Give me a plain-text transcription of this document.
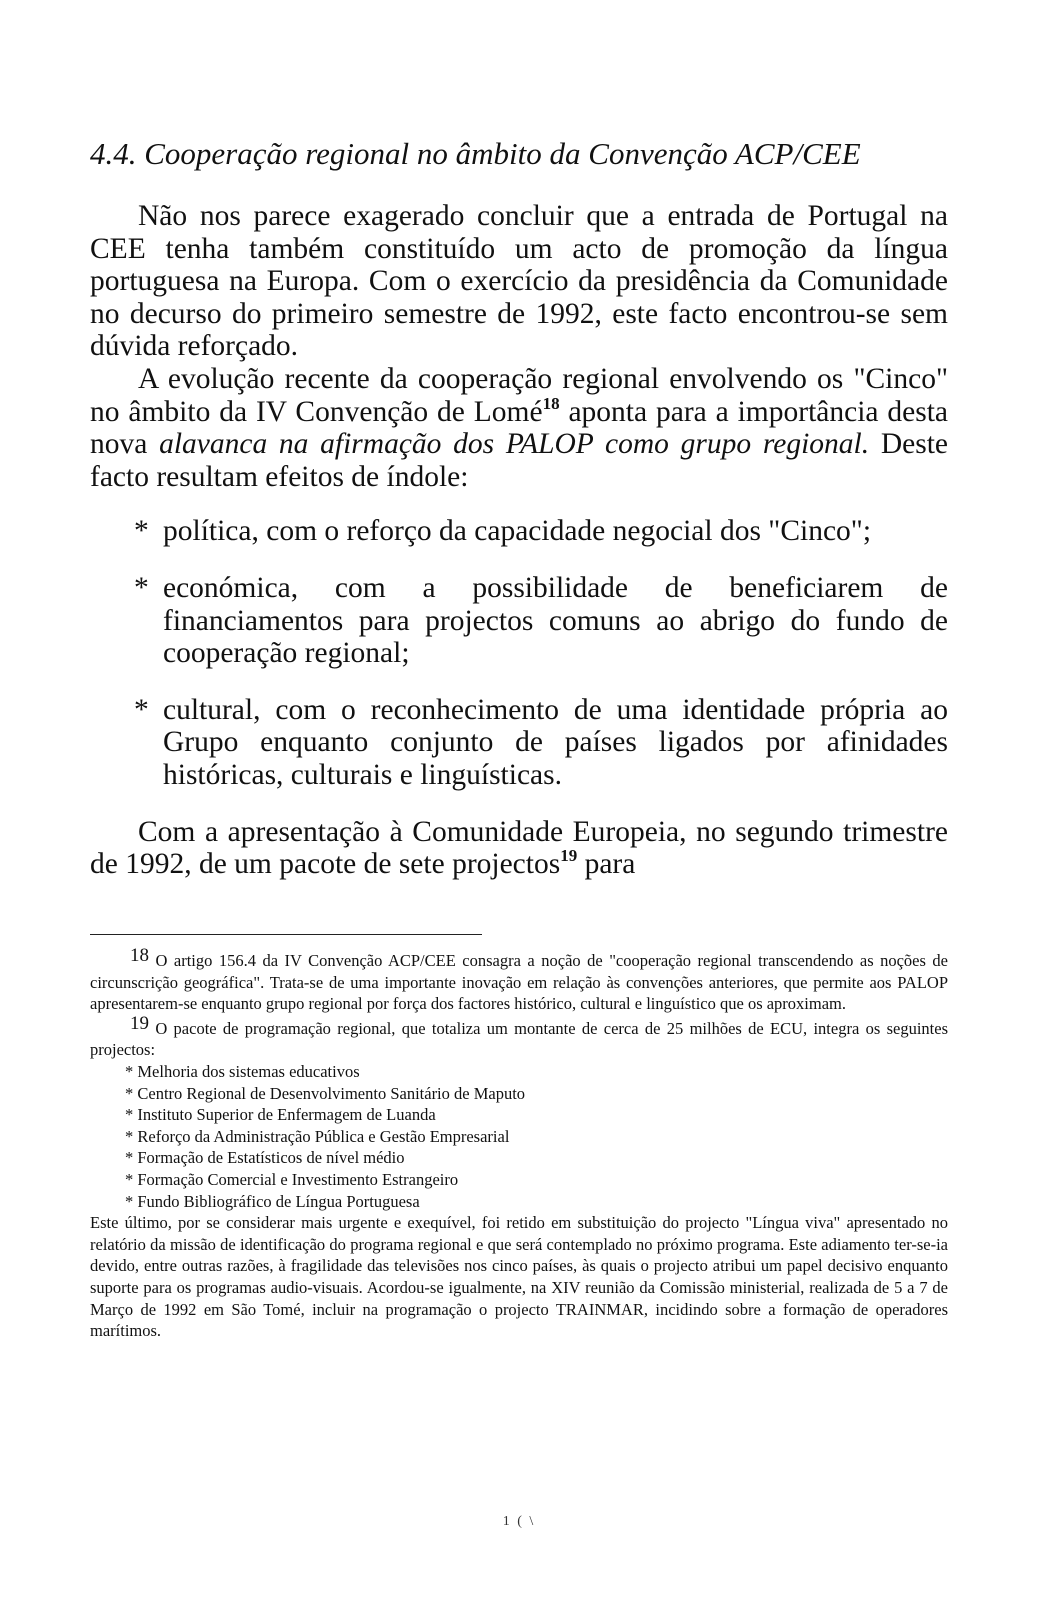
4.4. Cooperação regional no âmbito da Convenção ACP/CEE

Não nos parece exagerado concluir que a entrada de Portugal na CEE tenha também constituído um acto de promoção da língua portuguesa na Europa. Com o exercício da presidência da Comunidade no decurso do primeiro semestre de 1992, este facto encontrou-se sem dúvida reforçado.

A evolução recente da cooperação regional envolvendo os "Cinco" no âmbito da IV Convenção de Lomé$^{18}$ aponta para a importância desta nova alavanca na afirmação dos PALOP como grupo regional. Deste facto resultam efeitos de índole:

* política, com o reforço da capacidade negocial dos "Cinco";
* económica, com a possibilidade de beneficiarem de financiamentos para projectos comuns ao abrigo do fundo de cooperação regional;
* cultural, com o reconhecimento de uma identidade própria ao Grupo enquanto conjunto de países ligados por afinidades históricas, culturais e linguísticas.

Com a apresentação à Comunidade Europeia, no segundo trimestre de 1992, de um pacote de sete projectos$^{19}$ para

18 O artigo 156.4 da IV Convenção ACP/CEE consagra a noção de "cooperação regional transcendendo as noções de circunscrição geográfica". Trata-se de uma importante inovação em relação às convenções anteriores, que permite aos PALOP apresentarem-se enquanto grupo regional por força dos factores histórico, cultural e linguístico que os aproximam.

19 O pacote de programação regional, que totaliza um montante de cerca de 25 milhões de ECU, integra os seguintes projectos:

* Melhoria dos sistemas educativos
* Centro Regional de Desenvolvimento Sanitário de Maputo
* Instituto Superior de Enfermagem de Luanda
* Reforço da Administração Pública e Gestão Empresarial
* Formação de Estatísticos de nível médio
* Formação Comercial e Investimento Estrangeiro
* Fundo Bibliográfico de Língua Portuguesa

Este último, por se considerar mais urgente e exequível, foi retido em substituição do projecto "Língua viva" apresentado no relatório da missão de identificação do programa regional e que será contemplado no próximo programa. Este adiamento ter-se-ia devido, entre outras razões, à fragilidade das televisões nos cinco países, às quais o projecto atribui um papel decisivo enquanto suporte para os programas audio-visuais. Acordou-se igualmente, na XIV reunião da Comissão ministerial, realizada de 5 a 7 de Março de 1992 em São Tomé, incluir na programação o projecto TRAINMAR, incidindo sobre a formação de operadores marítimos.

1 ( \
